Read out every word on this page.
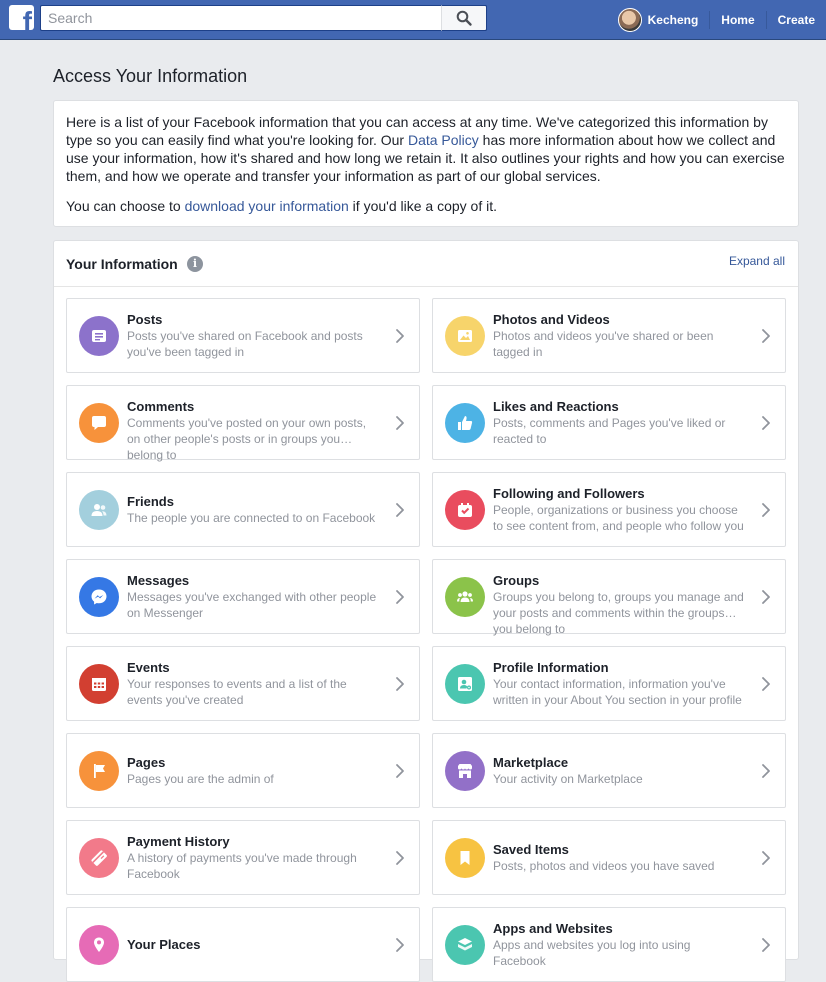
f
Search	Kecheng	Home	Create
Access Your Information

Here is a list of your Facebook information that you can access at any time. We've categorized this information by type so you can easily find what you're looking for. Our Data Policy has more information about how we collect and use your information, how it's shared and how long we retain it. It also outlines your rights and how you can exercise them, and how we operate and transfer your information as part of our global services.

You can choose to download your information if you'd like a copy of it.

Your Information	i	Expand all
Posts
Posts you've shared on Facebook and posts you've been tagged in
Photos and Videos
Photos and videos you've shared or been tagged in
Comments
Comments you've posted on your own posts, on other people's posts or in groups you belong to
Likes and Reactions
Posts, comments and Pages you've liked or reacted to
Friends
The people you are connected to on Facebook
Following and Followers
People, organizations or business you choose to see content from, and people who follow you
Messages
Messages you've exchanged with other people on Messenger
Groups
Groups you belong to, groups you manage and your posts and comments within the groups you belong to
Events
Your responses to events and a list of the events you've created
Profile Information
Your contact information, information you've written in your About You section in your profile
Pages
Pages you are the admin of
Marketplace
Your activity on Marketplace
Payment History
A history of payments you've made through Facebook
Saved Items
Posts, photos and videos you have saved
Your Places
Apps and Websites
Apps and websites you log into using Facebook
